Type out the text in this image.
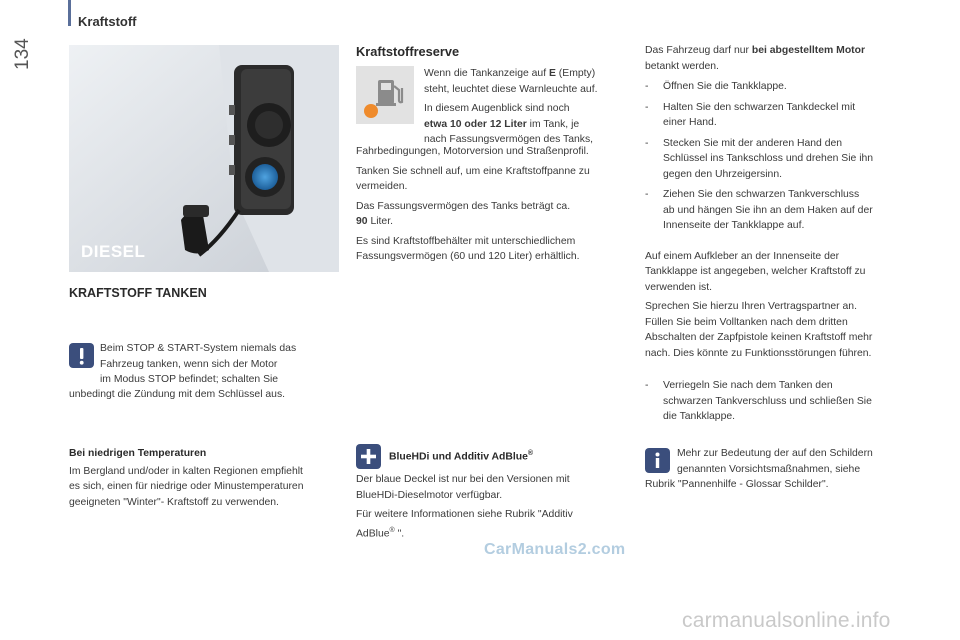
Kraftstoff
134
DIESEL
KRAFTSTOFF TANKEN

Beim STOP & START-System niemals das

Fahrzeug tanken, wenn sich der Motor

im Modus STOP befindet; schalten Sie

unbedingt die Zündung mit dem Schlüssel aus.

Bei niedrigen Temperaturen

Im Bergland und/oder in kalten Regionen empfiehlt

es sich, einen für niedrige oder Minustemperaturen

geeigneten "Winter"- Kraftstoff zu verwenden.

Kraftstoffreserve

Wenn die Tankanzeige auf E (Empty)

steht, leuchtet diese Warnleuchte auf.

In diesem Augenblick sind noch

etwa 10 oder 12 Liter im Tank, je

nach Fassungsvermögen des Tanks,

Fahrbedingungen, Motorversion und Straßenprofil.

Tanken Sie schnell auf, um eine Kraftstoffpanne zu

vermeiden.

Das Fassungsvermögen des Tanks beträgt ca.

90 Liter.

Es sind Kraftstoffbehälter mit unterschiedlichem

Fassungsvermögen (60 und 120 Liter) erhältlich.

BlueHDi und Additiv AdBlue®

Der blaue Deckel ist nur bei den Versionen mit

BlueHDi-Dieselmotor verfügbar.

Für weitere Informationen siehe Rubrik "Additiv

AdBlue® ".

Das Fahrzeug darf nur bei abgestelltem Motor

betankt werden.

- Öffnen Sie die Tankklappe.
- Halten Sie den schwarzen Tankdeckel mit
einer Hand.
- Stecken Sie mit der anderen Hand den
Schlüssel ins Tankschloss und drehen Sie ihn
gegen den Uhrzeigersinn.
- Ziehen Sie den schwarzen Tankverschluss
ab und hängen Sie ihn an dem Haken auf der
Innenseite der Tankklappe auf.

Auf einem Aufkleber an der Innenseite der

Tankklappe ist angegeben, welcher Kraftstoff zu

verwenden ist.

Sprechen Sie hierzu Ihren Vertragspartner an.

Füllen Sie beim Volltanken nach dem dritten

Abschalten der Zapfpistole keinen Kraftstoff mehr

nach. Dies könnte zu Funktionsstörungen führen.

- Verriegeln Sie nach dem Tanken den
schwarzen Tankverschluss und schließen Sie
die Tankklappe.

Mehr zur Bedeutung der auf den Schildern

genannten Vorsichtsmaßnahmen, siehe

Rubrik "Pannenhilfe - Glossar Schilder".

CarManuals2.com
carmanualsonline.info
